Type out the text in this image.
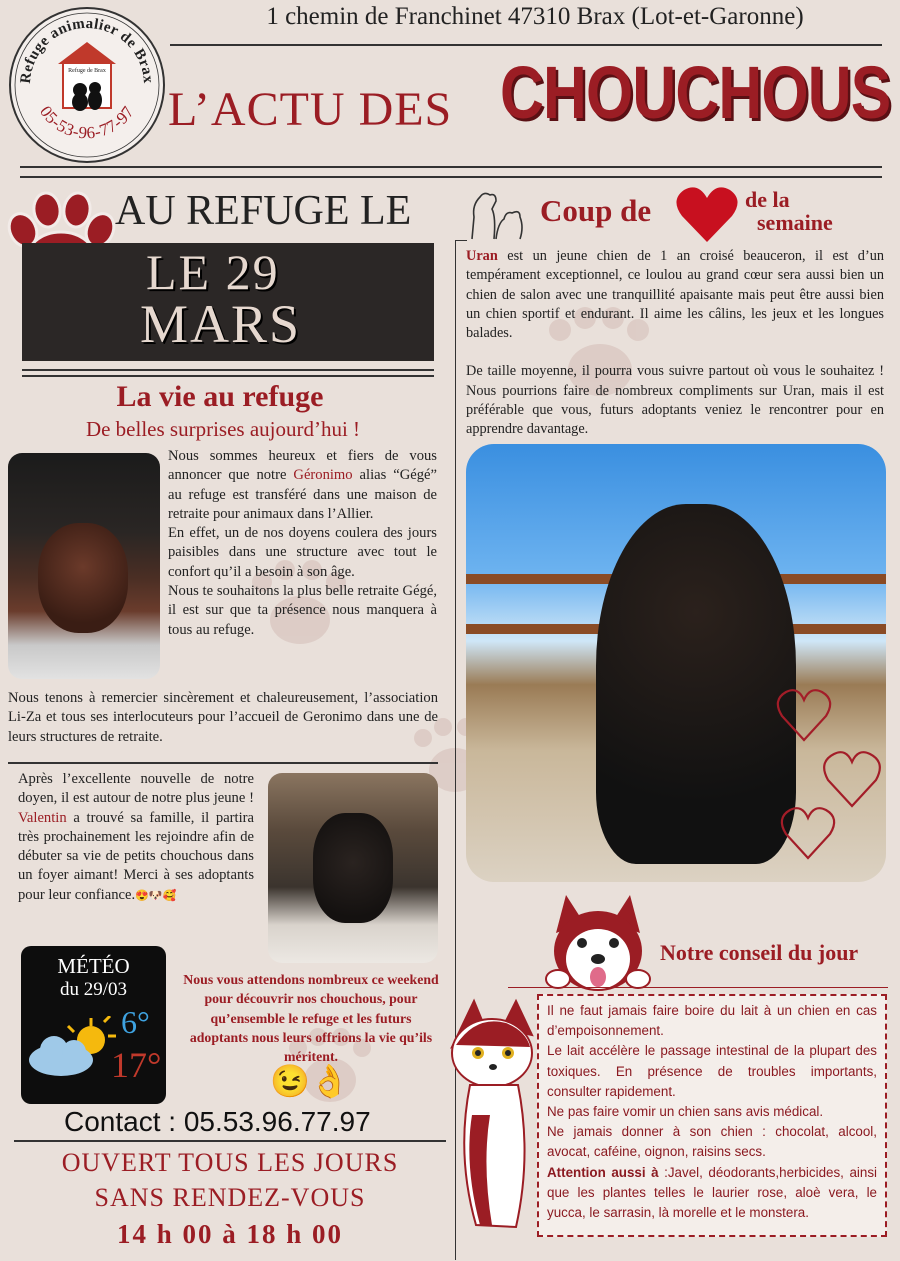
Refuge animalier de Brax
05-53-96-77-97
Refuge de Brax
1 chemin de Franchinet 47310 Brax (Lot-et-Garonne)
L’ACTU DES CHOUCHOUS
AU REFUGE LE
LE 29
MARS
La vie au refuge
De belles surprises aujourd’hui !

Nous sommes heureux et fiers de vous annoncer que notre Géronimo alias “Gégé” au refuge est transféré dans une maison de retraite pour animaux dans l’Allier.

En effet, un de nos doyens coulera des jours paisibles dans une structure avec tout le confort qu’il a besoin à son âge.

Nous te souhaitons la plus belle retraite Gégé, il est sur que ta présence nous manquera à tous au refuge.

Nous tenons à remercier sincèrement et chaleureusement, l’association Li-Za et tous ses interlocuteurs pour l’accueil de Geronimo dans une de leurs structures de retraite.
Après l’excellente nouvelle de notre doyen, il est autour de notre plus jeune ! Valentin a trouvé sa famille, il partira très prochainement les rejoindre afin de débuter sa vie de petits chouchous dans un foyer aimant! Merci à ses adoptants pour leur confiance.😍🐶🥰
MÉTÉO
du 29/03
6°
17°
Nous vous attendons nombreux ce weekend pour découvrir nos chouchous, pour qu’ensemble le refuge et les futurs adoptants nous leurs offrions la vie qu’ils méritent.
😉👌
Contact : 05.53.96.77.97
OUVERT TOUS LES JOURS
SANS RENDEZ-VOUS
14 h 00 à 18 h 00
Coup de	de la
semaine

Uran est un jeune chien de 1 an croisé beauceron, il est d’un tempérament exceptionnel, ce loulou au grand cœur sera aussi bien un chien de salon avec une tranquillité apaisante mais peut être aussi bien un chien sportif et endurant. Il aime les câlins, les jeux et les longues balades.

De taille moyenne, il pourra vous suivre partout où vous le souhaitez ! Nous pourrions faire de nombreux compliments sur Uran, mais il est préférable que vous, futurs adoptants veniez le rencontrer pour en apprendre davantage.

Notre conseil du jour

Il ne faut jamais faire boire du lait à un chien en cas d’empoisonnement.

Le lait accélère le passage intestinal de la plupart des toxiques. En présence de troubles importants, consulter rapidement.

Ne pas faire vomir un chien sans avis médical.

Ne jamais donner à son chien : chocolat, alcool, avocat, caféine, oignon, raisins secs.

Attention aussi à :Javel, déodorants,herbicides, ainsi que les plantes telles le laurier rose, aloè vera, le yucca, le sarrasin, là morelle et le monstera.
